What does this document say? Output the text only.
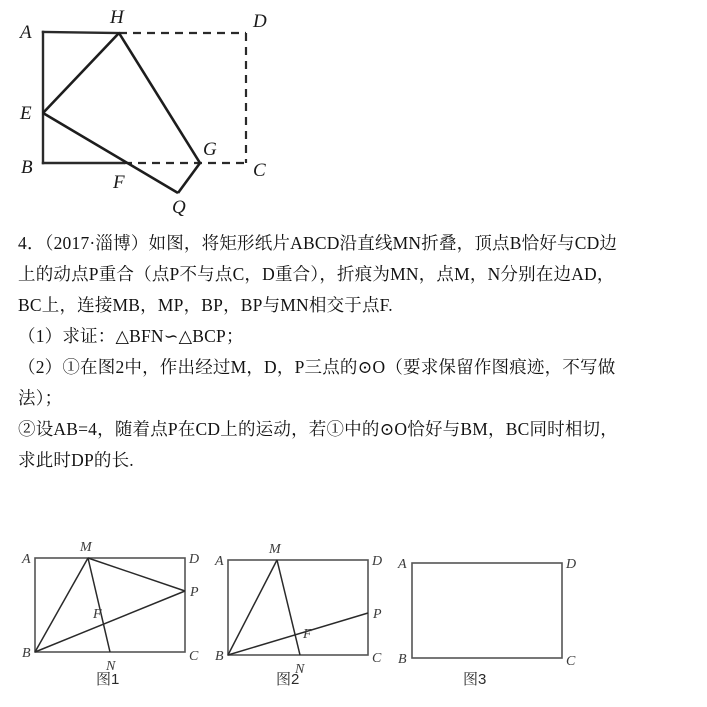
A
H	D
E
G
B
F
C
Q
4．（2017·淄博）如图，将矩形纸片ABCD沿直线MN折叠，顶点B恰好与CD边
上的动点P重合（点P不与点C，D重合），折痕为MN，点M，N分别在边AD，
BC上，连接MB，MP，BP，BP与MN相交于点F.
（1）求证：△BFN∽△BCP；
（2）①在图2中，作出经过M，D，P三点的⊙O（要求保留作图痕迹，不写做
法）；
②设AB=4，随着点P在CD上的运动，若①中的⊙O恰好与BM，BC同时相切，
求此时DP的长.
A
M
D
P
F
B
N
C
图1
A
M
D
P
F
B
N
C
图2
A	D
B	C
图3
